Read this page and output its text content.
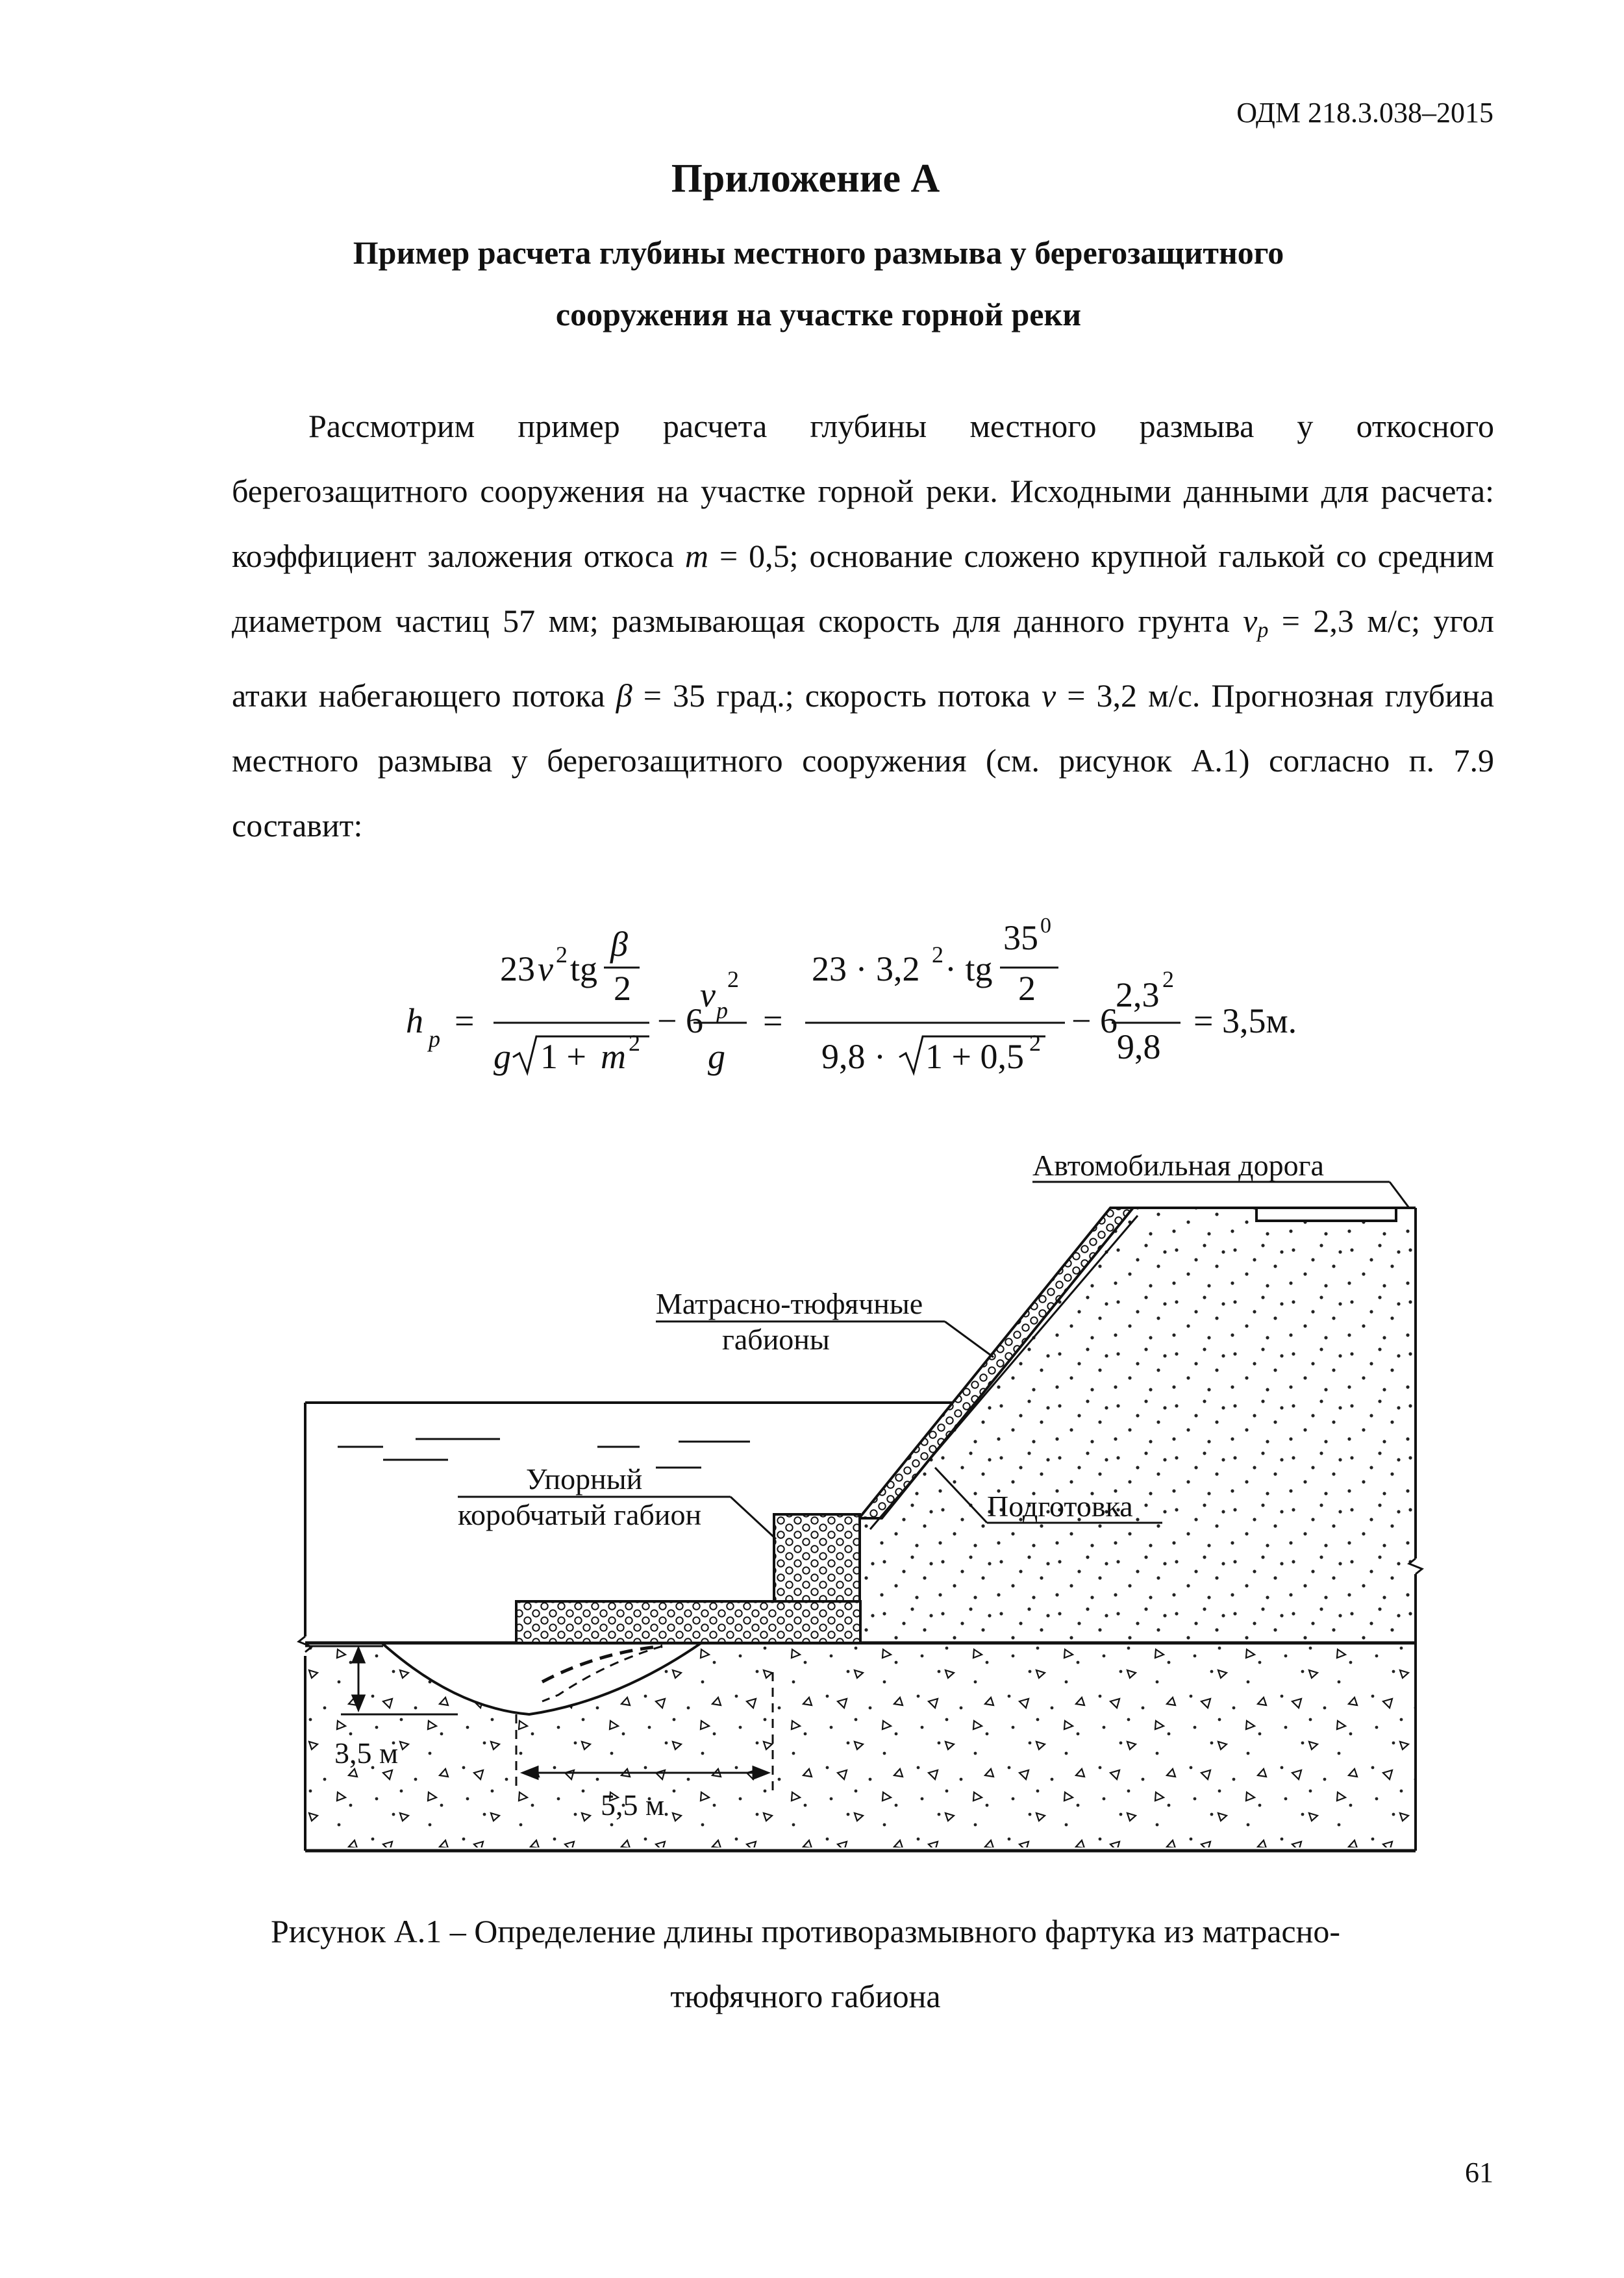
ОДМ 218.3.038–2015
Приложение А
Пример расчета глубины местного размыва у берегозащитного
сооружения на участке горной реки

Рассмотрим пример расчета глубины местного размыва у откосного берегозащитного сооружения на участке горной реки. Исходными данными для расчета: коэффициент заложения откоса m = 0,5; основание сложено крупной галькой со средним диаметром частиц 57 мм; размывающая скорость для данного грунта $v_p = 2,3$ м/с; угол атаки набегающего потока β = 35 град.; скорость потока v = 3,2 м/с. Прогнозная глубина местного размыва у берегозащитного сооружения (см. рисунок А.1) согласно п. 7.9 составит:

h p =
23 v 2 tg
β
2
g 1 + m 2
− 6
v p
2
g
=
23 · 3,2 2 · tg
35 0
2
9,8 · 1 + 0,5 2
− 6
2,3 2
9,8
= 3,5м.
Автомобильная дорога
Матрасно-тюфячные
габионы
Упорный
коробчатый габион	Подготовка
3,5 м
5,5 м
Рисунок А.1 – Определение длины противоразмывного фартука из матрасно-
тюфячного габиона
61
